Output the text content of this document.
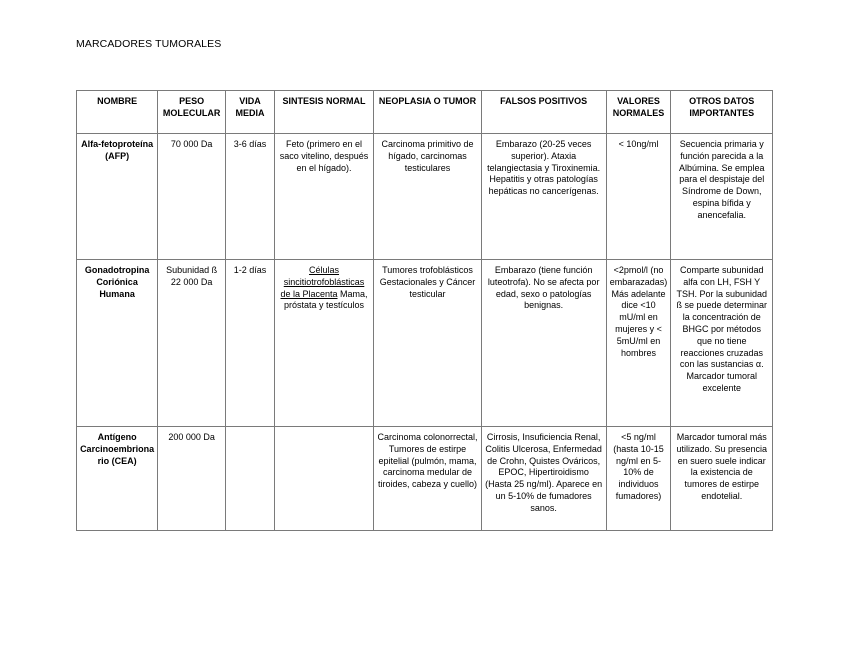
MARCADORES TUMORALES
NOMBRE	PESO MOLECULAR	VIDA MEDIA	SINTESIS NORMAL	NEOPLASIA O TUMOR	FALSOS POSITIVOS	VALORES NORMALES	OTROS DATOS IMPORTANTES
Alfa-fetoproteína (AFP)	70 000 Da	3-6 días	Feto (primero en el saco vitelino, después en el hígado).	Carcinoma primitivo de hígado, carcinomas testiculares	Embarazo (20-25 veces superior). Ataxia telangiectasia y Tiroxinemia. Hepatitis y otras patologías hepáticas no cancerígenas.	< 10ng/ml	Secuencia primaria y función parecida a la Albúmina. Se emplea para el despistaje del Síndrome de Down, espina bífida y anencefalia.
Gonadotropina Coriónica Humana	Subunidad ß 22 000 Da	1-2 días	Células sincitiotrofoblásticas de la Placenta Mama, próstata y testículos	Tumores trofoblásticos Gestacionales y Cáncer testicular	Embarazo (tiene función luteotrofa). No se afecta por edad, sexo o patologías benignas.	<2pmol/l (no embarazadas) Más adelante dice <10 mU/ml en mujeres y < 5mU/ml en hombres	Comparte subunidad alfa con LH, FSH Y TSH. Por la subunidad ß se puede determinar la concentración de BHGC por métodos que no tiene reacciones cruzadas con las sustancias α. Marcador tumoral excelente
Antígeno Carcinoembrionario (CEA)	200 000 Da			Carcinoma colonorrectal, Tumores de estirpe epitelial (pulmón, mama, carcinoma medular de tiroides, cabeza y cuello)	Cirrosis, Insuficiencia Renal, Colitis Ulcerosa, Enfermedad de Crohn, Quistes Ováricos, EPOC, Hipertiroidismo (Hasta 25 ng/ml). Aparece en un 5-10% de fumadores sanos.	<5 ng/ml (hasta 10-15 ng/ml en 5-10% de individuos fumadores)	Marcador tumoral más utilizado. Su presencia en suero suele indicar la existencia de tumores de estirpe endotelial.
